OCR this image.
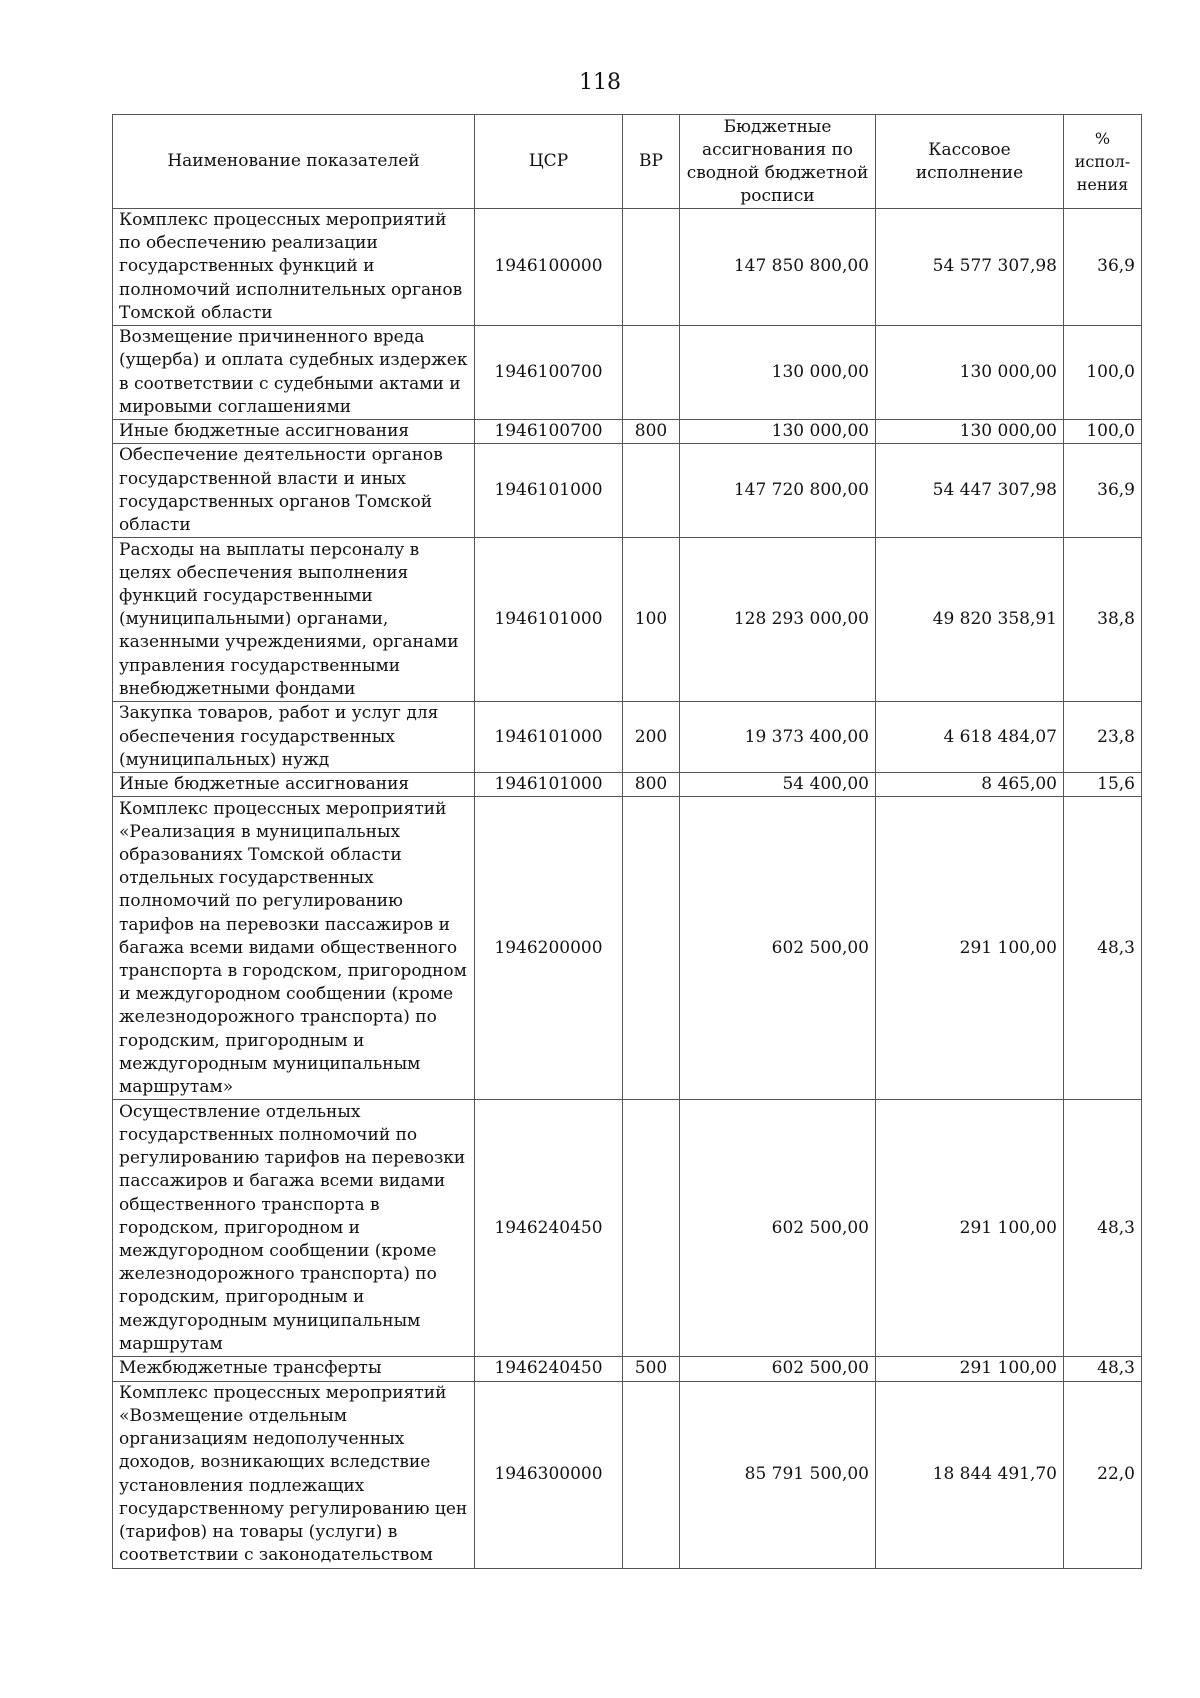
118
Наименование показателей	ЦСР	ВР	Бюджетные ассигнования по сводной бюджетной росписи	Кассовое исполнение	% испол-нения
Комплекс процессных мероприятий по обеспечению реализации государственных функций и полномочий исполнительных органов Томской области	1946100000		147 850 800,00	54 577 307,98	36,9
Возмещение причиненного вреда (ущерба) и оплата судебных издержек в соответствии с судебными актами и мировыми соглашениями	1946100700		130 000,00	130 000,00	100,0
Иные бюджетные ассигнования	1946100700	800	130 000,00	130 000,00	100,0
Обеспечение деятельности органов государственной власти и иных государственных органов Томской области	1946101000		147 720 800,00	54 447 307,98	36,9
Расходы на выплаты персоналу в целях обеспечения выполнения функций государственными (муниципальными) органами, казенными учреждениями, органами управления государственными внебюджетными фондами	1946101000	100	128 293 000,00	49 820 358,91	38,8
Закупка товаров, работ и услуг для обеспечения государственных (муниципальных) нужд	1946101000	200	19 373 400,00	4 618 484,07	23,8
Иные бюджетные ассигнования	1946101000	800	54 400,00	8 465,00	15,6
Комплекс процессных мероприятий «Реализация в муниципальных образованиях Томской области отдельных государственных полномочий по регулированию тарифов на перевозки пассажиров и багажа всеми видами общественного транспорта в городском, пригородном и междугородном сообщении (кроме железнодорожного транспорта) по городским, пригородным и междугородным муниципальным маршрутам»	1946200000		602 500,00	291 100,00	48,3
Осуществление отдельных государственных полномочий по регулированию тарифов на перевозки пассажиров и багажа всеми видами общественного транспорта в городском, пригородном и междугородном сообщении (кроме железнодорожного транспорта) по городским, пригородным и междугородным муниципальным маршрутам	1946240450		602 500,00	291 100,00	48,3
Межбюджетные трансферты	1946240450	500	602 500,00	291 100,00	48,3
Комплекс процессных мероприятий «Возмещение отдельным организациям недополученных доходов, возникающих вследствие установления подлежащих государственному регулированию цен (тарифов) на товары (услуги) в соответствии с законодательством	1946300000		85 791 500,00	18 844 491,70	22,0
